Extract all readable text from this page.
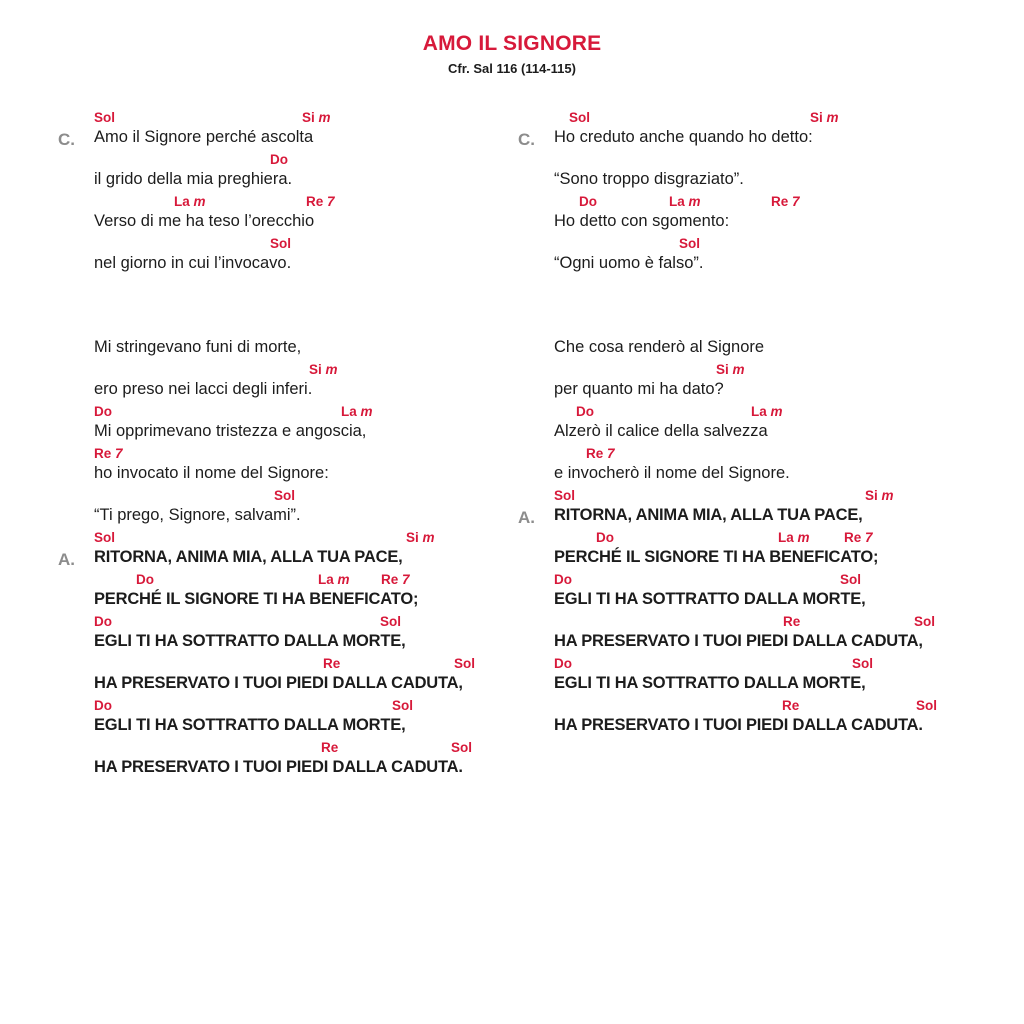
AMO IL SIGNORE
Cfr. Sal 116 (114-115)
C.
Sol	Si m
Amo il Signore perché ascolta
Do
il grido della mia preghiera.
La m	Re 7
Verso di me ha teso l’orecchio
Sol
nel giorno in cui l’invocavo.
Mi stringevano funi di morte,
Si m
ero preso nei lacci degli inferi.
Do	La m
Mi opprimevano tristezza e angoscia,
Re 7
ho invocato il nome del Signore:
Sol
“Ti prego, Signore, salvami”.
A.
Sol	Si m
RITORNA, ANIMA MIA, ALLA TUA PACE,
Do	La m Re 7
PERCHÉ IL SIGNORE TI HA BENEFICATO;
Do	Sol
EGLI TI HA SOTTRATTO DALLA MORTE,
Re	Sol
HA PRESERVATO I TUOI PIEDI DALLA CADUTA,
Do	Sol
EGLI TI HA SOTTRATTO DALLA MORTE,
Re	Sol
HA PRESERVATO I TUOI PIEDI DALLA CADUTA.
C.
Sol	Si m
Ho creduto anche quando ho detto:
“Sono troppo disgraziato”.
Do	La m	Re 7
Ho detto con sgomento:
Sol
“Ogni uomo è falso”.
Che cosa renderò al Signore
Si m
per quanto mi ha dato?
Do	La m
Alzerò il calice della salvezza
Re 7
e invocherò il nome del Signore.
A.
Sol	Si m
RITORNA, ANIMA MIA, ALLA TUA PACE,
Do	La m	Re 7
PERCHÉ IL SIGNORE TI HA BENEFICATO;
Do	Sol
EGLI TI HA SOTTRATTO DALLA MORTE,
Re	Sol
HA PRESERVATO I TUOI PIEDI DALLA CADUTA,
Do	Sol
EGLI TI HA SOTTRATTO DALLA MORTE,
Re	Sol
HA PRESERVATO I TUOI PIEDI DALLA CADUTA.
